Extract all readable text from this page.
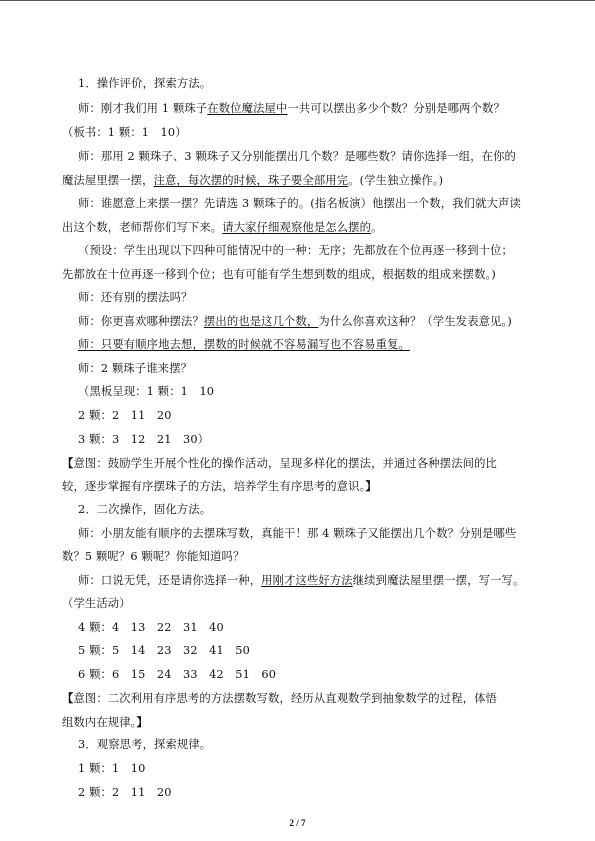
1．操作评价，探索方法。
师：刚才我们用 1 颗珠子在数位魔法屋中一共可以摆出多少个数？分别是哪两个数？
（板书：1 颗：1　10）
师：那用 2 颗珠子、3 颗珠子又分别能摆出几个数？是哪些数？请你选择一组，在你的
魔法屋里摆一摆，注意，每次摆的时候，珠子要全部用完。(学生独立操作。)
师：谁愿意上来摆一摆？先请选 3 颗珠子的。(指名板演）他摆出一个数，我们就大声读
出这个数，老师帮你们写下来。请大家仔细观察他是怎么摆的。
（预设：学生出现以下四种可能情况中的一种：无序；先都放在个位再逐一移到十位；
先都放在十位再逐一移到个位；也有可能有学生想到数的组成，根据数的组成来摆数。)
师：还有别的摆法吗？
师：你更喜欢哪种摆法？摆出的也是这几个数，为什么你喜欢这种？（学生发表意见。)
师：只要有顺序地去想，摆数的时候就不容易漏写也不容易重复。
师：2 颗珠子谁来摆？
（黑板呈现：1 颗：1　10
2 颗：2　11　20
3 颗：3　12　21　30）
【意图：鼓励学生开展个性化的操作活动，呈现多样化的摆法，并通过各种摆法间的比
较，逐步掌握有序摆珠子的方法，培养学生有序思考的意识。】
2．二次操作，固化方法。
师：小朋友能有顺序的去摆珠写数，真能干！那 4 颗珠子又能摆出几个数？分别是哪些
数？5 颗呢？6 颗呢？你能知道吗？
师：口说无凭，还是请你选择一种，用刚才这些好方法继续到魔法屋里摆一摆，写一写。
（学生活动）
4 颗：4　13　22　31　40
5 颗：5　14　23　32　41　50
6 颗：6　15　24　33　42　51　60
【意图：二次利用有序思考的方法摆数写数，经历从直观数学到抽象数学的过程，体悟
组数内在规律。】
3．观察思考，探索规律。
1 颗：1　10
2 颗：2　11　20
2 / 7
